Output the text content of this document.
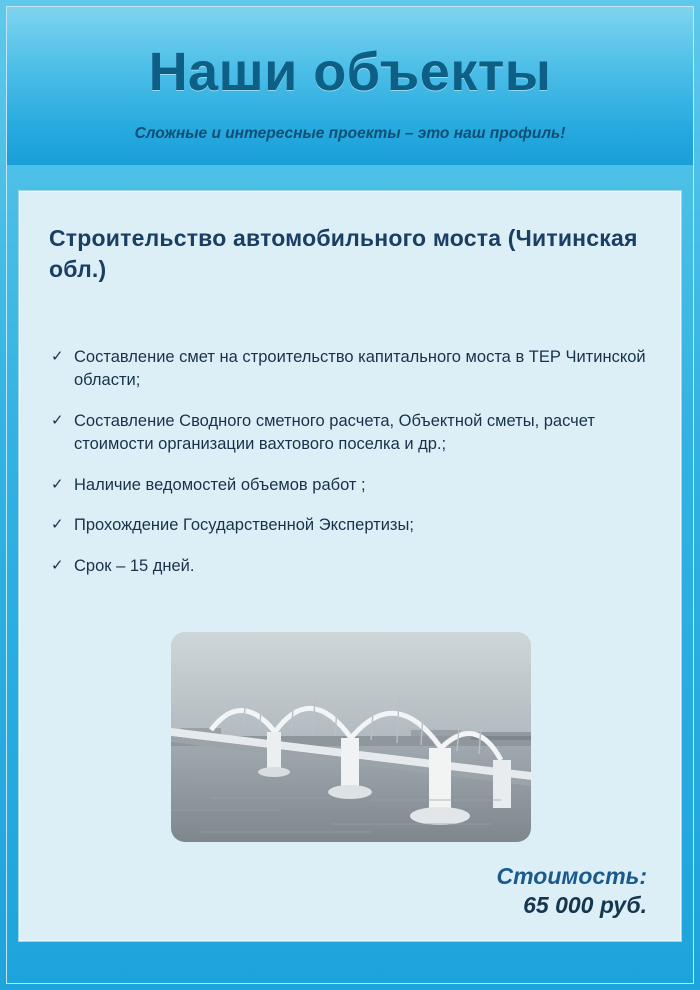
Наши объекты
Сложные и интересные проекты – это наш профиль!
Строительство автомобильного моста (Читинская обл.)
✓ Составление смет на строительство капитального моста в ТЕР Читинской области;
✓ Составление Сводного сметного расчета, Объектной сметы, расчет стоимости организации вахтового поселка и др.;
✓ Наличие ведомостей объемов работ ;
✓ Прохождение Государственной Экспертизы;
✓ Срок – 15 дней.
Стоимость:
65 000 руб.
